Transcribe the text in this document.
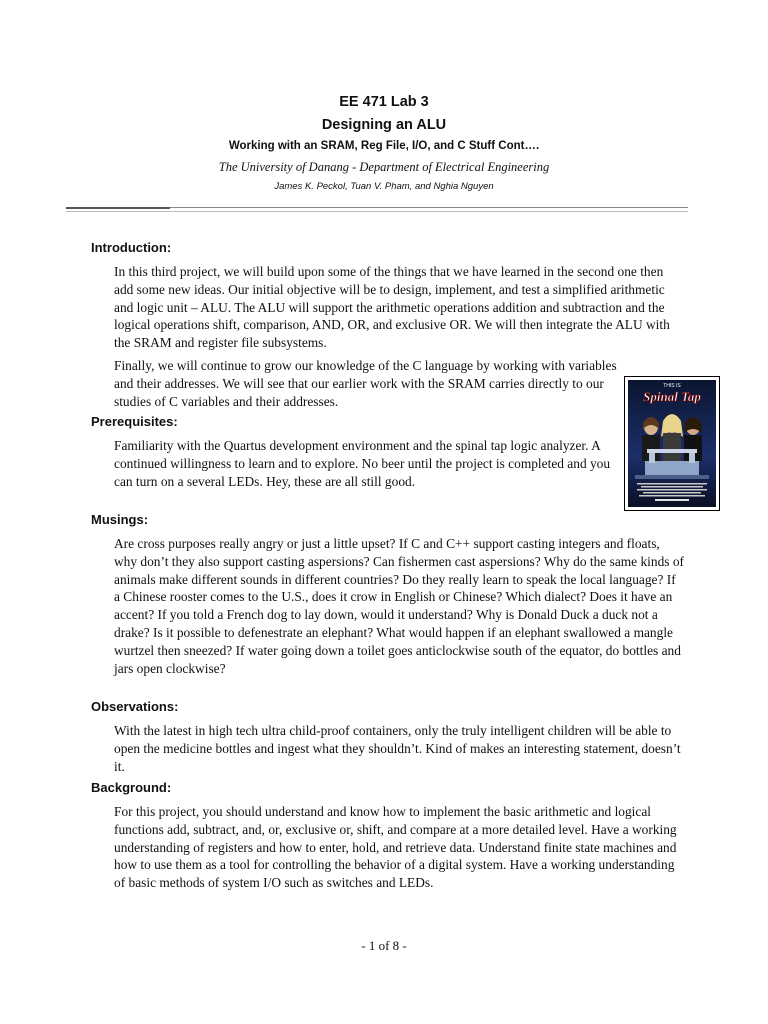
EE 471 Lab 3
Designing an ALU
Working with an SRAM, Reg File, I/O, and C Stuff Cont….
The University of Danang - Department of Electrical Engineering
James K. Peckol, Tuan V. Pham, and Nghia Nguyen
Introduction:
In this third project, we will build upon some of the things that we have learned in the second one then add some new ideas. Our initial objective will be to design, implement, and test a simplified arithmetic and logic unit – ALU. The ALU will support the arithmetic operations addition and subtraction and the logical operations shift, comparison, AND, OR, and exclusive OR. We will then integrate the ALU with the SRAM and register file subsystems.
Finally, we will continue to grow our knowledge of the C language by working with variables and their addresses. We will see that our earlier work with the SRAM carries directly to our studies of C variables and their addresses.
Prerequisites:
Familiarity with the Quartus development environment and the spinal tap logic analyzer. A continued willingness to learn and to explore. No beer until the project is completed and you can turn on a several LEDs. Hey, these are all still good.
Musings:
Are cross purposes really angry or just a little upset? If C and C++ support casting integers and floats, why don’t they also support casting aspersions? Can fishermen cast aspersions? Why do the same kinds of animals make different sounds in different countries? Do they really learn to speak the local language? If a Chinese rooster comes to the U.S., does it crow in English or Chinese? Which dialect? Does it have an accent? If you told a French dog to lay down, would it understand? Why is Donald Duck a duck not a drake? Is it possible to defenestrate an elephant? What would happen if an elephant swallowed a mangle wurtzel then sneezed? If water going down a toilet goes anticlockwise south of the equator, do bottles and jars open clockwise?
Observations:
With the latest in high tech ultra child-proof containers, only the truly intelligent children will be able to open the medicine bottles and ingest what they shouldn’t. Kind of makes an interesting statement, doesn’t it.
Background:
For this project, you should understand and know how to implement the basic arithmetic and logical functions add, subtract, and, or, exclusive or, shift, and compare at a more detailed level. Have a working understanding of registers and how to enter, hold, and retrieve data. Understand finite state machines and how to use them as a tool for controlling the behavior of a digital system. Have a working understanding of basic methods of system I/O such as switches and LEDs.
THIS IS
Spinal Tap
- 1 of 8 -
